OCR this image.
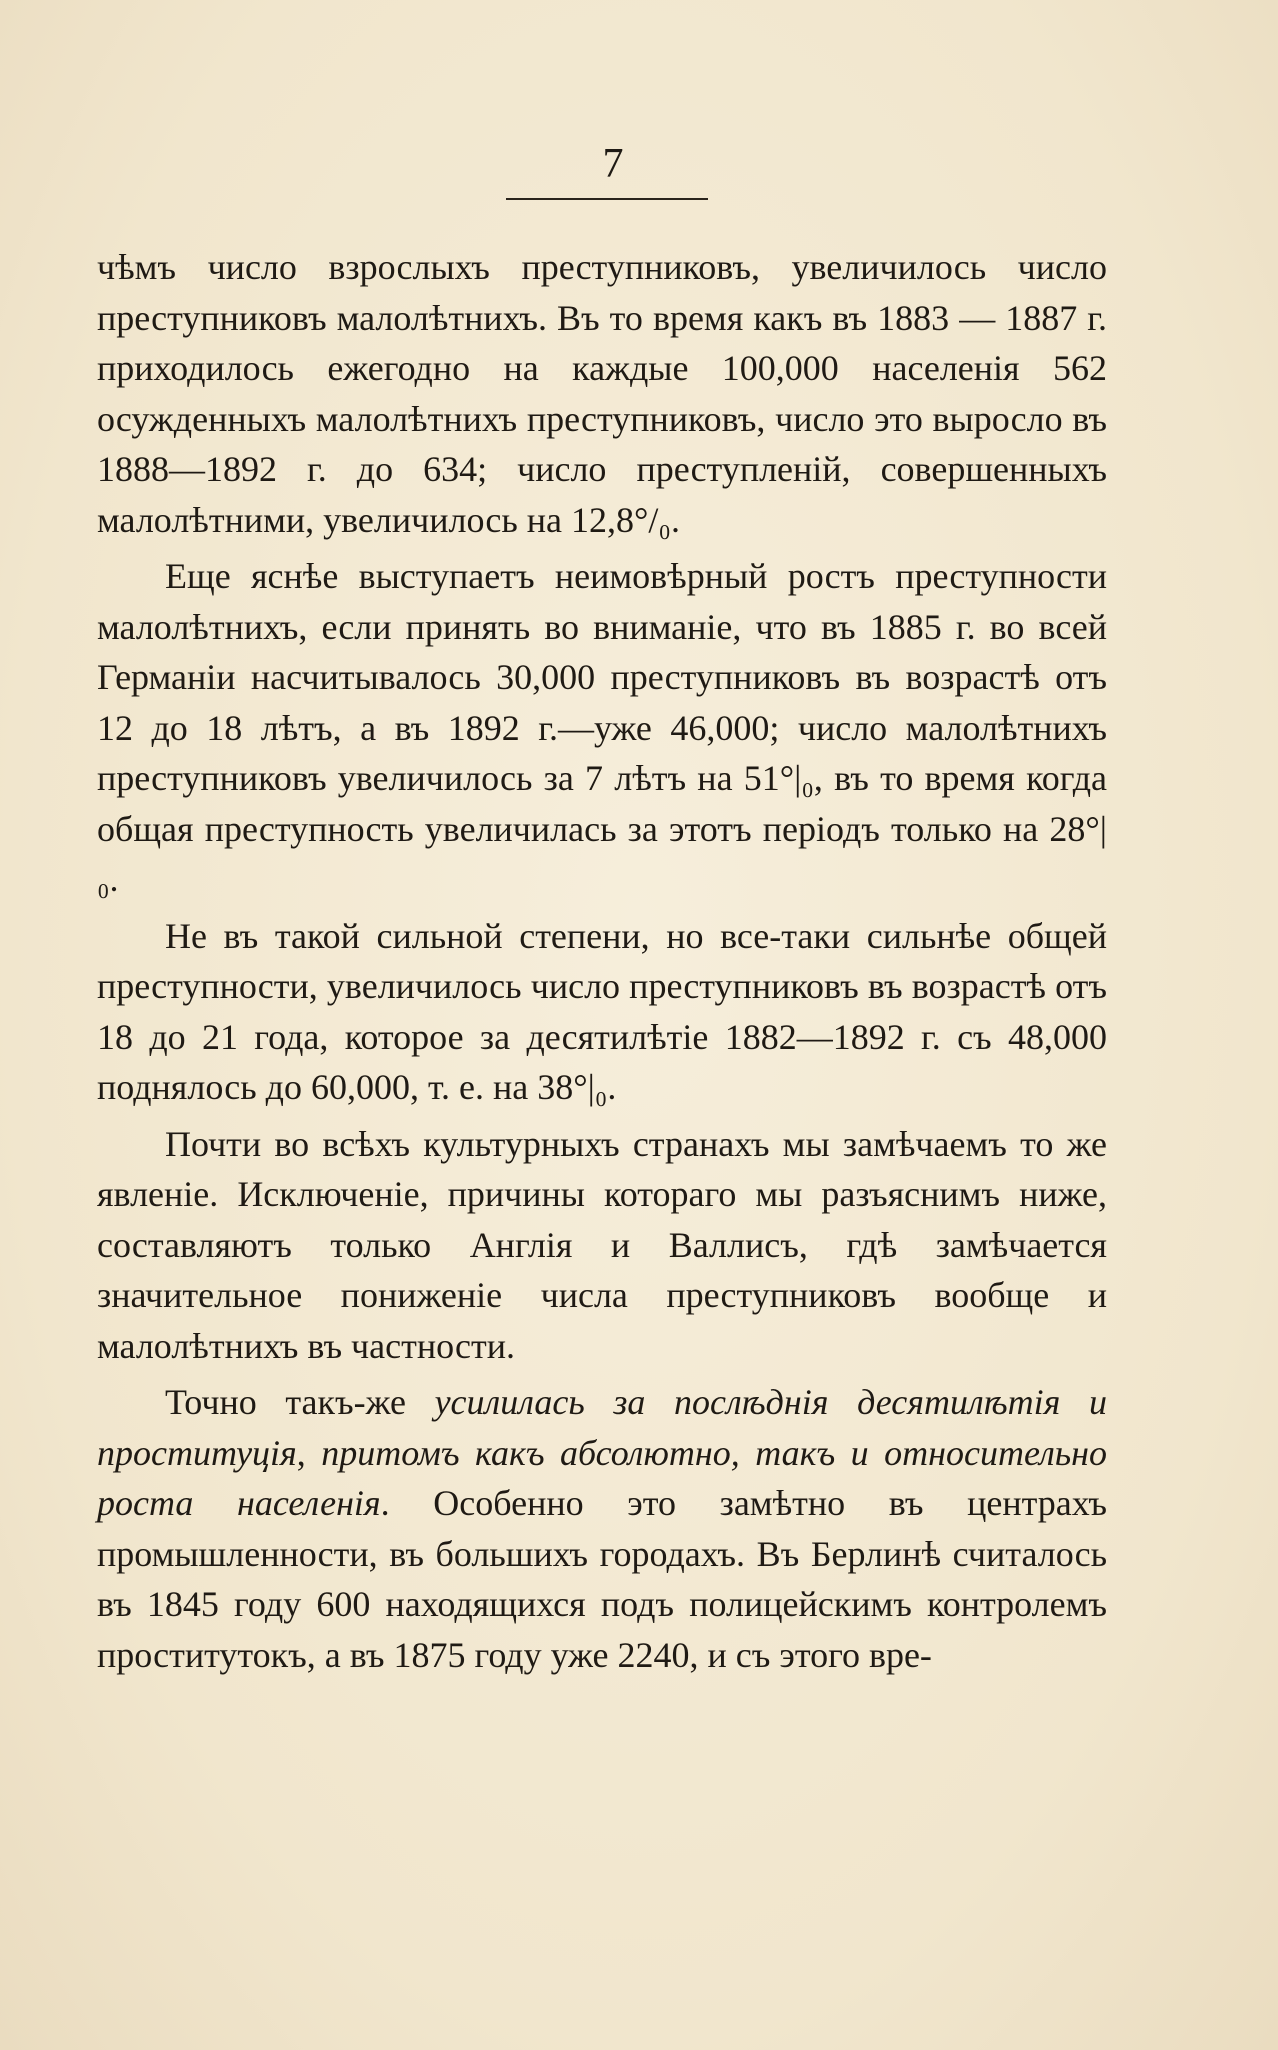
7

чѣмъ число взрослыхъ преступниковъ, увеличилось число преступниковъ малолѣтнихъ. Въ то время какъ въ 1883 — 1887 г. приходилось ежегодно на каждые 100,000 населенія 562 осужденныхъ малолѣтнихъ преступниковъ, число это выросло въ 1888—1892 г. до 634; число преступленій, совершенныхъ малолѣтними, увеличилось на 12,8°/₀.

Еще яснѣе выступаетъ неимовѣрный ростъ преступности малолѣтнихъ, если принять во вниманіе, что въ 1885 г. во всей Германіи насчитывалось 30,000 преступниковъ въ возрастѣ отъ 12 до 18 лѣтъ, а въ 1892 г.—уже 46,000; число малолѣтнихъ преступниковъ увеличилось за 7 лѣтъ на 51°|₀, въ то время когда общая преступность увеличилась за этотъ періодъ только на 28°|₀.

Не въ такой сильной степени, но все-таки сильнѣе общей преступности, увеличилось число преступниковъ въ возрастѣ отъ 18 до 21 года, которое за десятилѣтіе 1882—1892 г. съ 48,000 поднялось до 60,000, т. е. на 38°|₀.

Почти во всѣхъ культурныхъ странахъ мы замѣчаемъ то же явленіе. Исключеніе, причины котораго мы разъяснимъ ниже, составляютъ только Англія и Валлисъ, гдѣ замѣчается значительное пониженіе числа преступниковъ вообще и малолѣтнихъ въ частности.

Точно такъ-же усилилась за послѣднія десятилѣтія и проституція, притомъ какъ абсолютно, такъ и относительно роста населенія. Особенно это замѣтно въ центрахъ промышленности, въ большихъ городахъ. Въ Берлинѣ считалось въ 1845 году 600 находящихся подъ полицейскимъ контролемъ проститутокъ, а въ 1875 году уже 2240, и съ этого вре-
